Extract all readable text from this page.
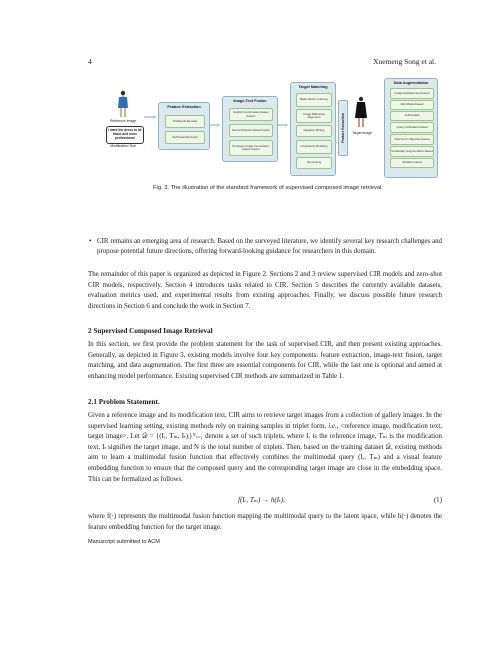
4	Xuemeng Song et al.
Reference Image
I want the dress to be black and more professional
Modification Text
Feature Extraction
Traditional Encoder
VLP-based Encoder
Image-Text Fusion
Explicit Combination-based Fusion
Neural Network-based Fusion
Prototype Image Generation-based Fusion
Target Matching
Basic Metric Learning
Image Difference Alignment
Negative Mining
Uncertainty Modeling
Re-ranking
Feature Extraction	Target Image
Data Augmentation
Image Replacement-based
Hint Model-based
LLM-based
Query Unification-based
Mnemonic Objective-based
Vocabulary Augmentation-based
Variation-based
Fig. 3. The illustration of the standard framework of supervised composed image retrieval.
• CIR remains an emerging area of research. Based on the surveyed literature, we identify several key research challenges and propose potential future directions, offering forward-looking guidance for researchers in this domain.
The remainder of this paper is organized as depicted in Figure 2. Sections 2 and 3 review supervised CIR models and zero-shot CIR models, respectively. Section 4 introduces tasks related to CIR. Section 5 describes the currently available datasets, evaluation metrics used, and experimental results from existing approaches. Finally, we discuss possible future research directions in Section 6 and conclude the work in Section 7.
2 Supervised Composed Image Retrieval
In this section, we first provide the problem statement for the task of supervised CIR, and then present existing approaches. Generally, as depicted in Figure 3, existing models involve four key components: feature extraction, image-text fusion, target matching, and data augmentation. The first three are essential components for CIR, while the last one is optional and aimed at enhancing model performance. Existing supervised CIR methods are summarized in Table 1.
2.1 Problem Statement.
Given a reference image and its modification text, CIR aims to retrieve target images from a collection of gallery images. In the supervised learning setting, existing methods rely on training samples in triplet form, i.e., <reference image, modification text, target image>. Let 𝒟 = {(Iᵣ, Tₘ, Iₜ)ᵢ}ᴺᵢ₌₁ denote a set of such triplets, where Iᵣ is the reference image, Tₘ is the modification text, Iₜ signifies the target image, and N is the total number of triplets. Then, based on the training dataset 𝒟, existing methods aim to learn a multimodal fusion function that effectively combines the multimodal query (Iᵣ, Tₘ) and a visual feature embedding function to ensure that the composed query and the corresponding target image are close in the embedding space. This can be formalized as follows.
f(Iᵣ, Tₘ) → h(Iₜ),	(1)
where f(·) represents the multimodal fusion function mapping the multimodal query to the latent space, while h(·) denotes the feature embedding function for the target image.
Manuscript submitted to ACM
